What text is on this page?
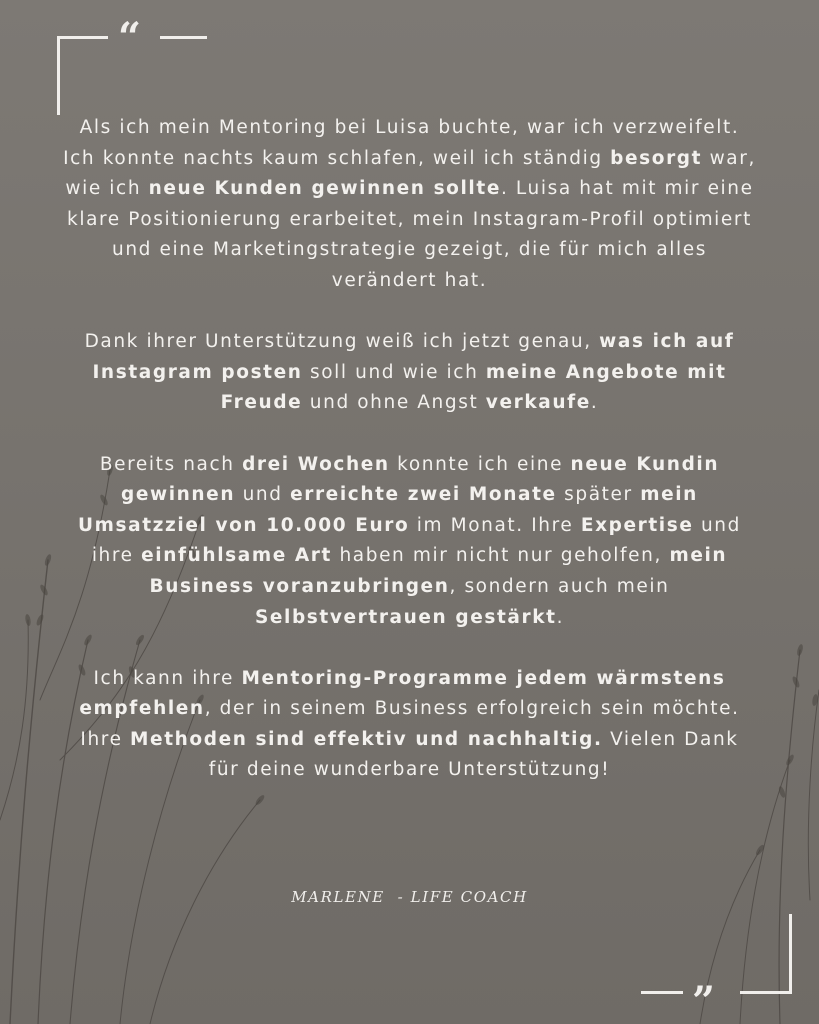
“
”

Als ich mein Mentoring bei Luisa buchte, war ich verzweifelt. Ich konnte nachts kaum schlafen, weil ich ständig besorgt war, wie ich neue Kunden gewinnen sollte. Luisa hat mit mir eine klare Positionierung erarbeitet, mein Instagram-Profil optimiert und eine Marketingstrategie gezeigt, die für mich alles verändert hat.

Dank ihrer Unterstützung weiß ich jetzt genau, was ich auf Instagram posten soll und wie ich meine Angebote mit Freude und ohne Angst verkaufe.

Bereits nach drei Wochen konnte ich eine neue Kundin gewinnen und erreichte zwei Monate später mein Umsatzziel von 10.000 Euro im Monat. Ihre Expertise und ihre einfühlsame Art haben mir nicht nur geholfen, mein Business voranzubringen, sondern auch mein Selbstvertrauen gestärkt.

Ich kann ihre Mentoring-Programme jedem wärmstens empfehlen, der in seinem Business erfolgreich sein möchte. Ihre Methoden sind effektiv und nachhaltig. Vielen Dank für deine wunderbare Unterstützung!

MARLENE  - LIFE COACH
